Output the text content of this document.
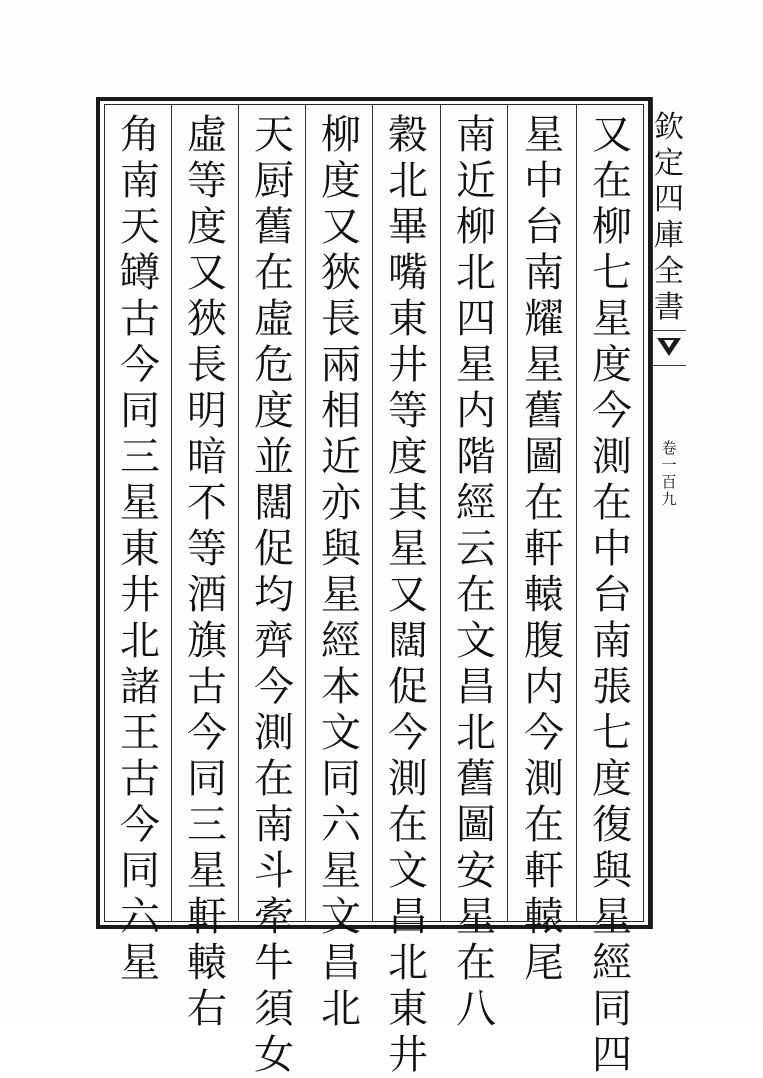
又
在
柳
七
星
度
今
測
在
中
台
南
張
七
度
復
與
星
經
同
四
星
中
台
南
耀
星
舊
圖
在
軒
轅
腹
内
今
測
在
軒
轅
尾
南
近
柳
北
四
星
内
階
經
云
在
文
昌
北
舊
圖
安
星
在
八
穀
北
畢
嘴
東
井
等
度
其
星
又
闊
促
今
測
在
文
昌
北
東
井
柳
度
又
狹
長
兩
相
近
亦
與
星
經
本
文
同
六
星
文
昌
北
天
厨
舊
在
虛
危
度
並
闊
促
均
齊
今
測
在
南
斗
牽
牛
須
女
虛
等
度
又
狹
長
明
暗
不
等
酒
旗
古
今
同
三
星
軒
轅
右
角
南
天
罇
古
今
同
三
星
東
井
北
諸
王
古
今
同
六
星
欽
定
四
庫
全
書
卷
一
百
九
